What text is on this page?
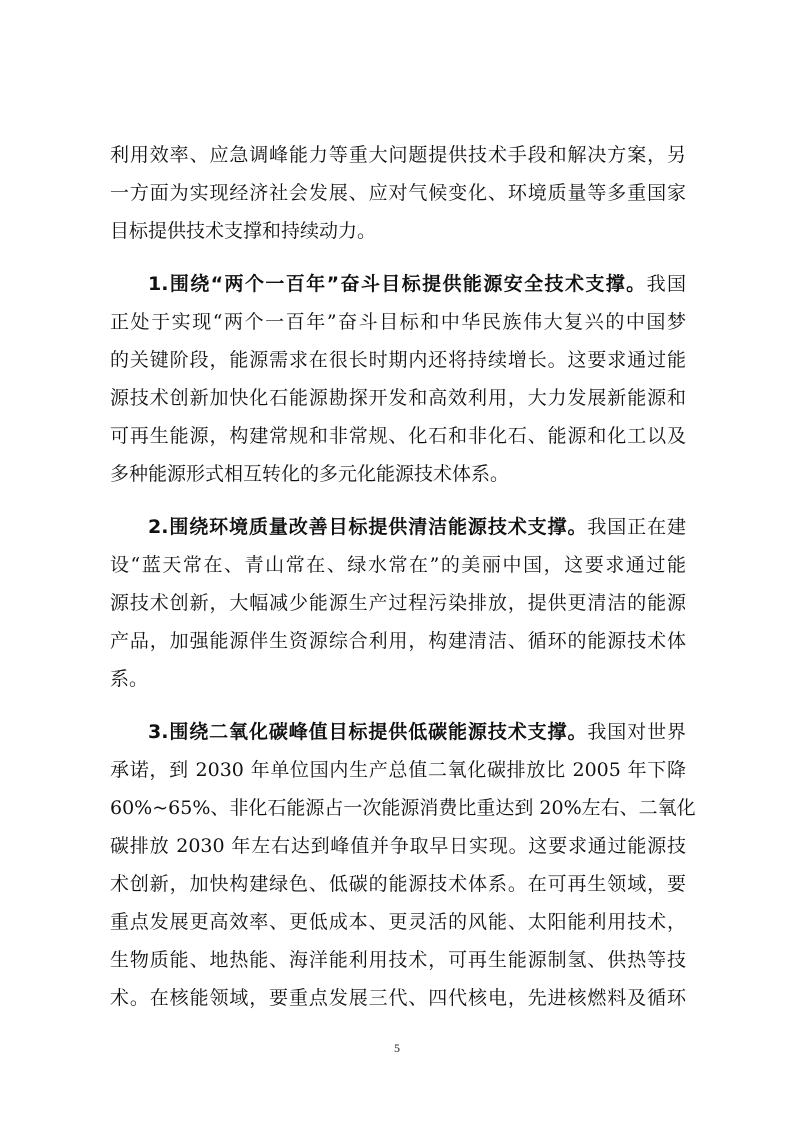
利用效率、应急调峰能力等重大问题提供技术手段和解决方案，另
一方面为实现经济社会发展、应对气候变化、环境质量等多重国家
目标提供技术支撑和持续动力。
1.围绕“两个一百年”奋斗目标提供能源安全技术支撑。我国
正处于实现“两个一百年”奋斗目标和中华民族伟大复兴的中国梦
的关键阶段，能源需求在很长时期内还将持续增长。这要求通过能
源技术创新加快化石能源勘探开发和高效利用，大力发展新能源和
可再生能源，构建常规和非常规、化石和非化石、能源和化工以及
多种能源形式相互转化的多元化能源技术体系。
2.围绕环境质量改善目标提供清洁能源技术支撑。我国正在建
设“蓝天常在、青山常在、绿水常在”的美丽中国，这要求通过能
源技术创新，大幅减少能源生产过程污染排放，提供更清洁的能源
产品，加强能源伴生资源综合利用，构建清洁、循环的能源技术体
系。
3.围绕二氧化碳峰值目标提供低碳能源技术支撑。我国对世界
承诺，到 2030 年单位国内生产总值二氧化碳排放比 2005 年下降
60%~65%、非化石能源占一次能源消费比重达到 20%左右、二氧化
碳排放 2030 年左右达到峰值并争取早日实现。这要求通过能源技
术创新，加快构建绿色、低碳的能源技术体系。在可再生领域，要
重点发展更高效率、更低成本、更灵活的风能、太阳能利用技术，
生物质能、地热能、海洋能利用技术，可再生能源制氢、供热等技
术。在核能领域，要重点发展三代、四代核电，先进核燃料及循环
5
